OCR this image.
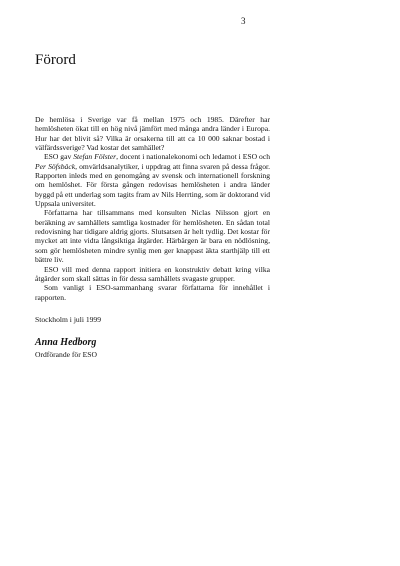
3
Förord

De hemlösa i Sverige var få mellan 1975 och 1985. Därefter har hemlösheten ökat till en hög nivå jämfört med många andra länder i Europa. Hur har det blivit så? Vilka är orsakerna till att ca 10 000 saknar bostad i välfärdssverige? Vad kostar det samhället?

ESO gav Stefan Fölster, docent i nationalekonomi och ledamot i ESO och Per Söfsbäck, omvärldsanalytiker, i uppdrag att finna svaren på dessa frågor. Rapporten inleds med en genomgång av svensk och internationell forskning om hemlöshet. För första gången redovisas hemlösheten i andra länder byggd på ett underlag som tagits fram av Nils Herrting, som är doktorand vid Uppsala universitet.

Författarna har tillsammans med konsulten Niclas Nilsson gjort en beräkning av samhällets samtliga kostnader för hemlösheten. En sådan total redovisning har tidigare aldrig gjorts. Slutsatsen är helt tydlig. Det kostar för mycket att inte vidta långsiktiga åtgärder. Härbärgen är bara en nödlösning, som gör hemlösheten mindre synlig men ger knappast äkta starthjälp till ett bättre liv.

ESO vill med denna rapport initiera en konstruktiv debatt kring vilka åtgärder som skall sättas in för dessa samhällets svagaste grupper.

Som vanligt i ESO-sammanhang svarar författarna för innehållet i rapporten.

Stockholm i juli 1999
Anna Hedborg
Ordförande för ESO
